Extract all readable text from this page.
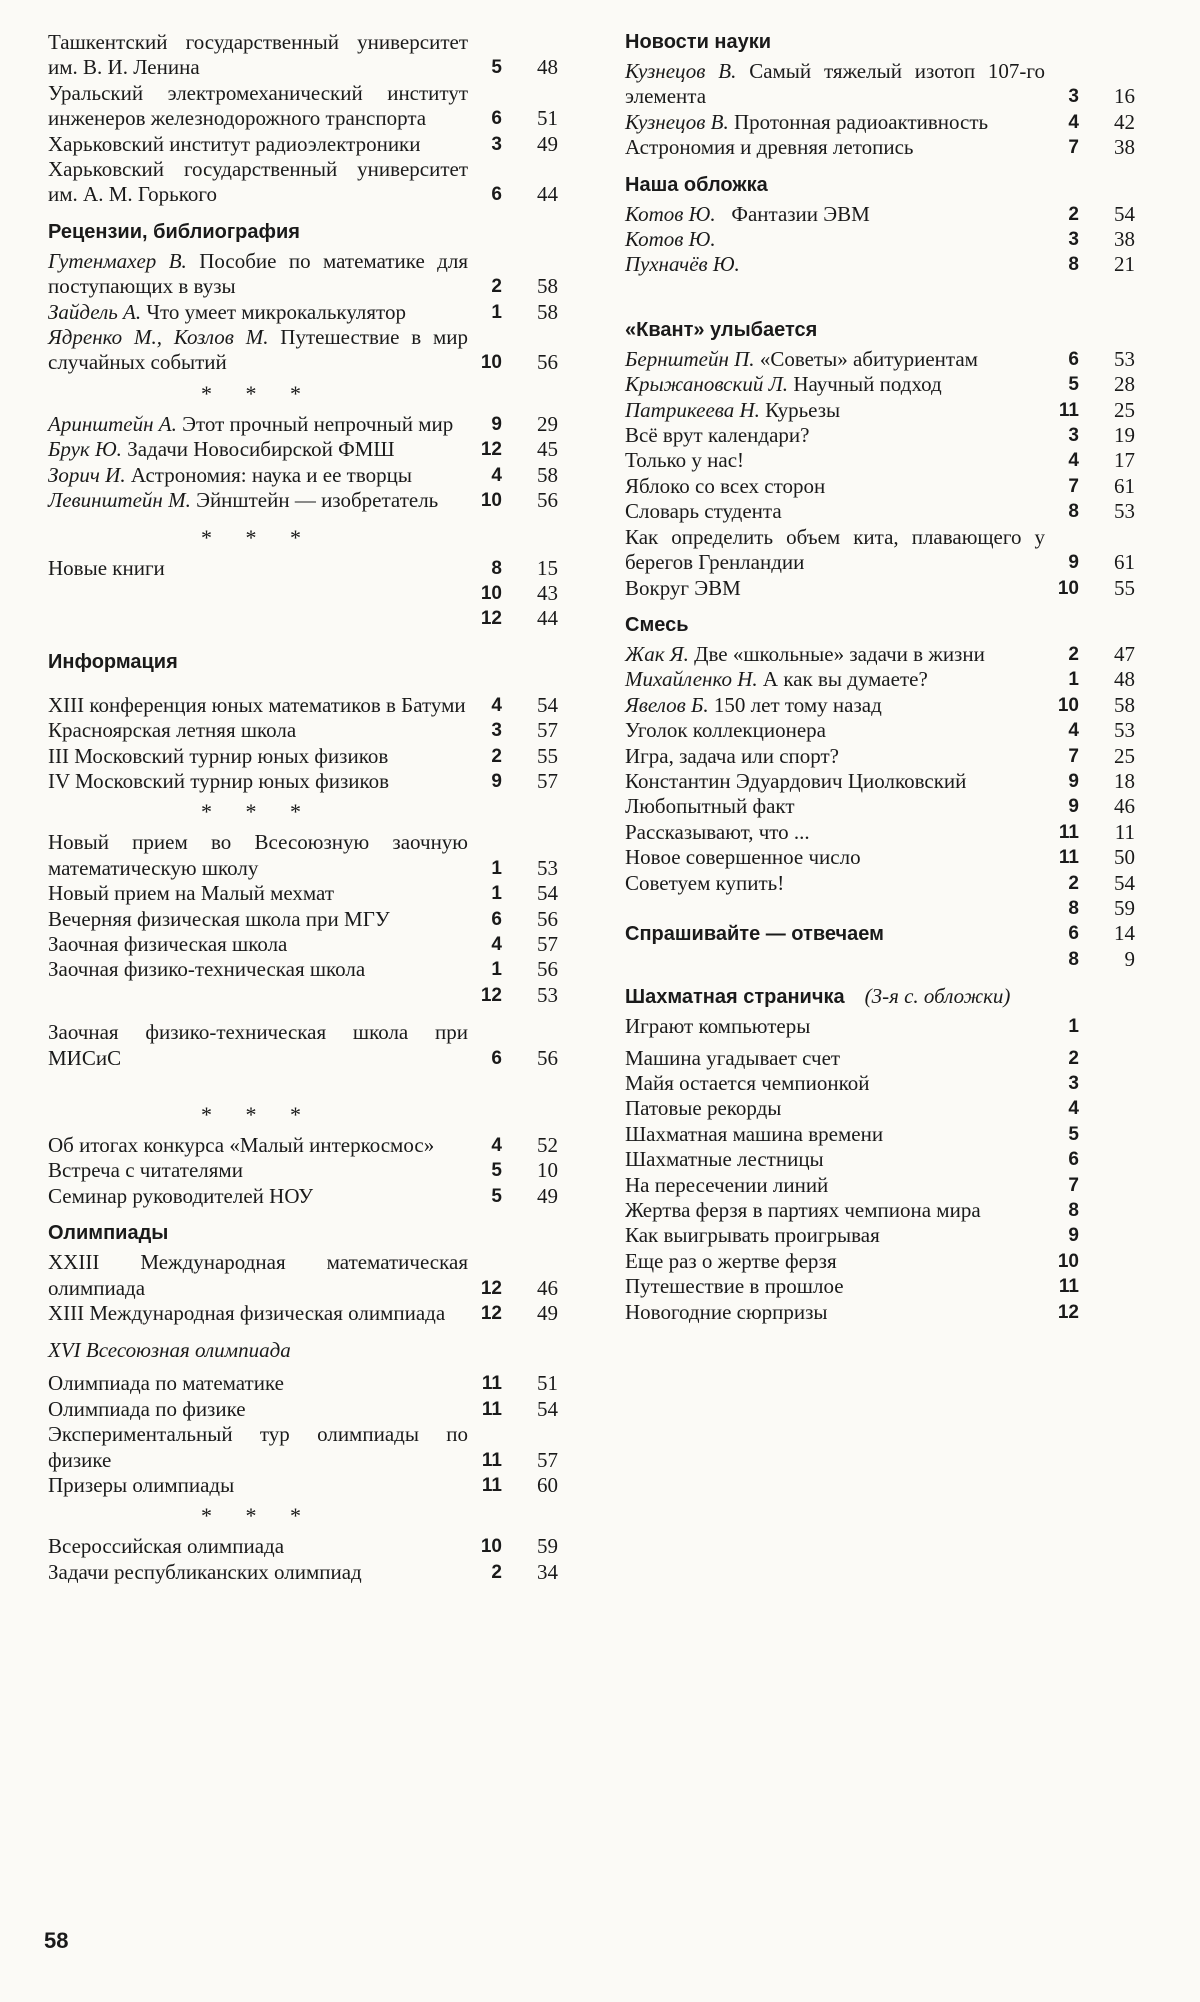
Ташкентский государственный университет им. В. И. Ленина	5	48
Уральский электромеханический институт инженеров железнодорожного транспорта	6	51
Харьковский институт радиоэлектроники	3	49
Харьковский государственный университет им. А. М. Горького	6	44
Рецензии, библиография
Гутенмахер В. Пособие по математике для поступающих в вузы	2	58
Зайдель А. Что умеет микрокалькулятор	1	58
Ядренко М., Козлов М. Путешествие в мир случайных событий	10	56
* * *
Аринштейн А. Этот прочный непрочный мир	9	29
Брук Ю. Задачи Новосибирской ФМШ	12	45
Зорич И. Астрономия: наука и ее творцы	4	58
Левинштейн М. Эйнштейн — изобретатель	10	56
* * *
Новые книги	8	15
10	43
12	44
Информация
XIII конференция юных математиков в Батуми	4	54
Красноярская летняя школа	3	57
III Московский турнир юных физиков	2	55
IV Московский турнир юных физиков	9	57
* * *
Новый прием во Всесоюзную заочную математическую школу	1	53
Новый прием на Малый мехмат	1	54
Вечерняя физическая школа при МГУ	6	56
Заочная физическая школа	4	57
Заочная физико-техническая школа	1	56
12	53
Заочная физико-техническая школа при МИСиС	6	56
* * *
Об итогах конкурса «Малый интеркосмос»	4	52
Встреча с читателями	5	10
Семинар руководителей НОУ	5	49
Олимпиады
XXIII Международная математическая олимпиада	12	46
XIII Международная физическая олимпиада	12	49
XVI Всесоюзная олимпиада
Олимпиада по математике	11	51
Олимпиада по физике	11	54
Экспериментальный тур олимпиады по физике	11	57
Призеры олимпиады	11	60
* * *
Всероссийская олимпиада	10	59
Задачи республиканских олимпиад	2	34
Новости науки
Кузнецов В. Самый тяжелый изотоп 107-го элемента	3	16
Кузнецов В. Протонная радиоактивность	4	42
Астрономия и древняя летопись	7	38
Наша обложка
Котов Ю. Фантазии ЭВМ	2	54
Котов Ю.	3	38
Пухначёв Ю.	8	21
«Квант» улыбается
Бернштейн П. «Советы» абитуриентам	6	53
Крыжановский Л. Научный подход	5	28
Патрикеева Н. Курьезы	11	25
Всё врут календари?	3	19
Только у нас!	4	17
Яблоко со всех сторон	7	61
Словарь студента	8	53
Как определить объем кита, плавающего у берегов Гренландии	9	61
Вокруг ЭВМ	10	55
Смесь
Жак Я. Две «школьные» задачи в жизни	2	47
Михайленко Н. А как вы думаете?	1	48
Явелов Б. 150 лет тому назад	10	58
Уголок коллекционера	4	53
Игра, задача или спорт?	7	25
Константин Эдуардович Циолковский	9	18
Любопытный факт	9	46
Рассказывают, что ...	11	11
Новое совершенное число	11	50
Советуем купить!	2	54
8	59
Спрашивайте — отвечаем	6	14
8	9
Шахматная страничка (3-я с. обложки)
Играют компьютеры	1
Машина угадывает счет	2
Майя остается чемпионкой	3
Патовые рекорды	4
Шахматная машина времени	5
Шахматные лестницы	6
На пересечении линий	7
Жертва ферзя в партиях чемпиона мира	8
Как выигрывать проигрывая	9
Еще раз о жертве ферзя	10
Путешествие в прошлое	11
Новогодние сюрпризы	12
58
